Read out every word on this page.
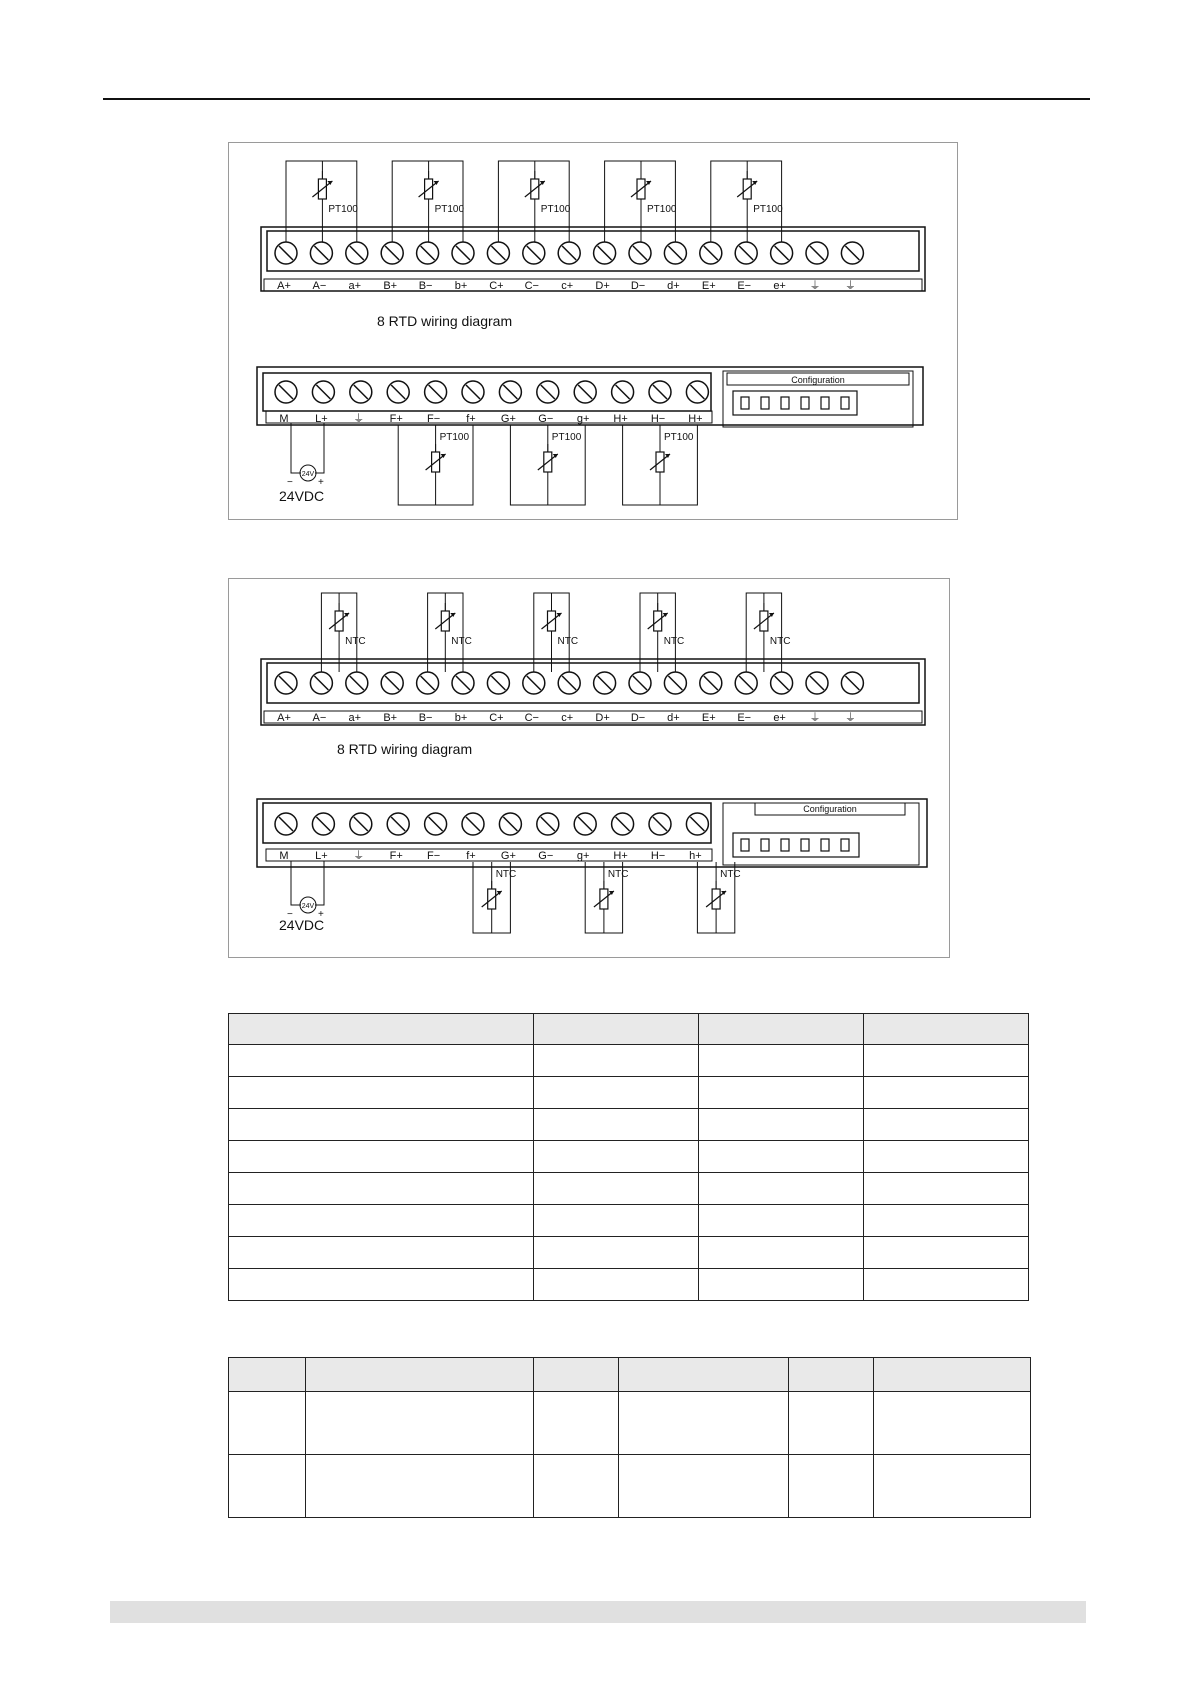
A+ A− a+ B+ B− b+ C+ C− c+ D+ D− d+ E+ E− e+ ⏚ ⏚
PT100	PT100	PT100	PT100	PT100
8 RTD wiring diagram
M L+ ⏚ F+ F− f+ G+ G− g+ H+ H− H+
Configuration
PT100	PT100	PT100
24V
−	+
24VDC
A+ A− a+ B+ B− b+ C+ C− c+ D+ D− d+ E+ E− e+ ⏚ ⏚
NTC	NTC	NTC	NTC	NTC
8 RTD wiring diagram
M L+ ⏚ F+ F− f+ G+ G− g+ H+ H− h+
Configuration
NTC	NTC	NTC
24V
−	+
24VDC
